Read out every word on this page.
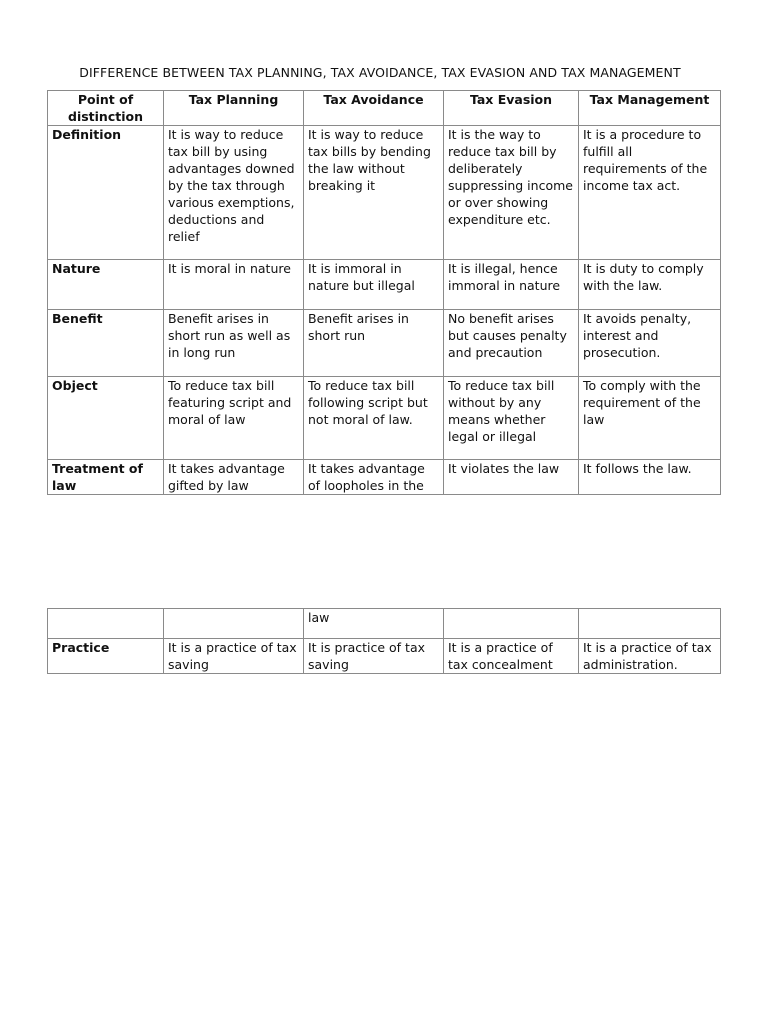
DIFFERENCE BETWEEN TAX PLANNING, TAX AVOIDANCE, TAX EVASION AND TAX MANAGEMENT
Point of distinction	Tax Planning	Tax Avoidance	Tax Evasion	Tax Management
Definition	It is way to reduce tax bill by using advantages downed by the tax through various exemptions, deductions and relief	It is way to reduce tax bills by bending the law without breaking it	It is the way to reduce tax bill by deliberately suppressing income or over showing expenditure etc.	It is a procedure to fulfill all requirements of the income tax act.
Nature	It is moral in nature	It is immoral in nature but illegal	It is illegal, hence immoral in nature	It is duty to comply with the law.
Benefit	Benefit arises in short run as well as in long run	Benefit arises in short run	No benefit arises but causes penalty and precaution	It avoids penalty, interest and prosecution.
Object	To reduce tax bill featuring script and moral of law	To reduce tax bill following script but not moral of law.	To reduce tax bill without by any means whether legal or illegal	To comply with the requirement of the law
Treatment of law	It takes advantage gifted by law	It takes advantage of loopholes in the	It violates the law	It follows the law.
		law		
Practice	It is a practice of tax saving	It is practice of tax saving	It is a practice of tax concealment	It is a practice of tax administration.
